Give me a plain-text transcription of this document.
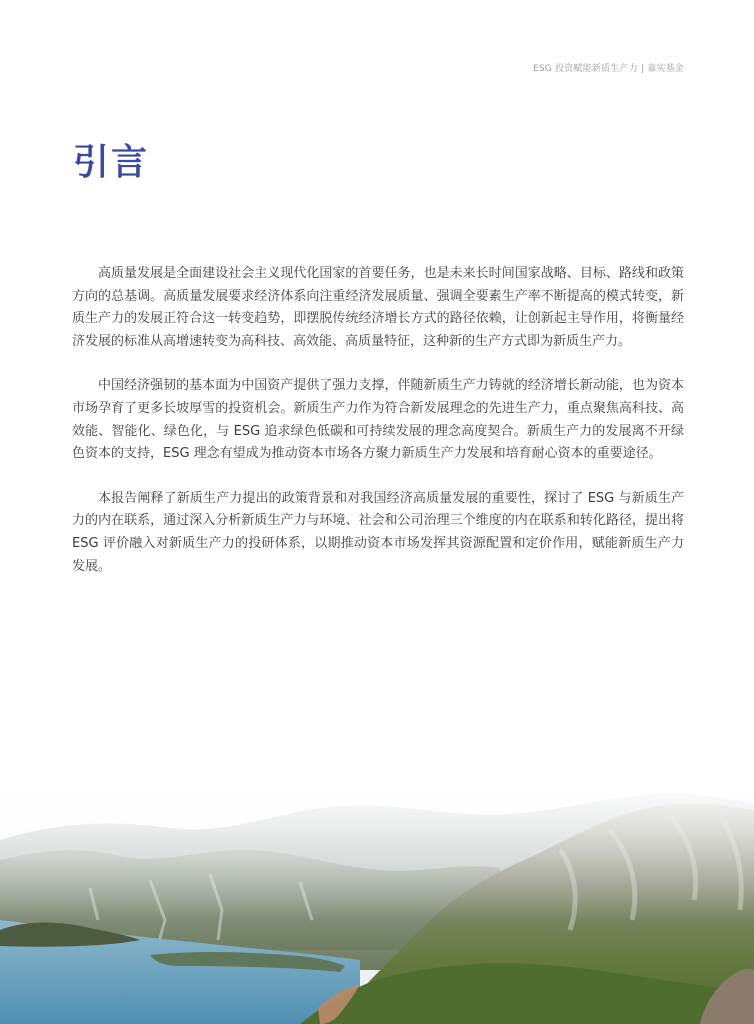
ESG 投资赋能新质生产力 | 嘉实基金
引言

高质量发展是全面建设社会主义现代化国家的首要任务，也是未来长时间国家战略、目标、路线和政策方向的总基调。高质量发展要求经济体系向注重经济发展质量、强调全要素生产率不断提高的模式转变，新质生产力的发展正符合这一转变趋势，即摆脱传统经济增长方式的路径依赖，让创新起主导作用，将衡量经济发展的标准从高增速转变为高科技、高效能、高质量特征，这种新的生产方式即为新质生产力。

中国经济强韧的基本面为中国资产提供了强力支撑，伴随新质生产力铸就的经济增长新动能，也为资本市场孕育了更多长坡厚雪的投资机会。新质生产力作为符合新发展理念的先进生产力，重点聚焦高科技、高效能、智能化、绿色化，与 ESG 追求绿色低碳和可持续发展的理念高度契合。新质生产力的发展离不开绿色资本的支持，ESG 理念有望成为推动资本市场各方聚力新质生产力发展和培育耐心资本的重要途径。

本报告阐释了新质生产力提出的政策背景和对我国经济高质量发展的重要性，探讨了 ESG 与新质生产力的内在联系，通过深入分析新质生产力与环境、社会和公司治理三个维度的内在联系和转化路径，提出将 ESG 评价融入对新质生产力的投研体系，以期推动资本市场发挥其资源配置和定价作用，赋能新质生产力发展。
